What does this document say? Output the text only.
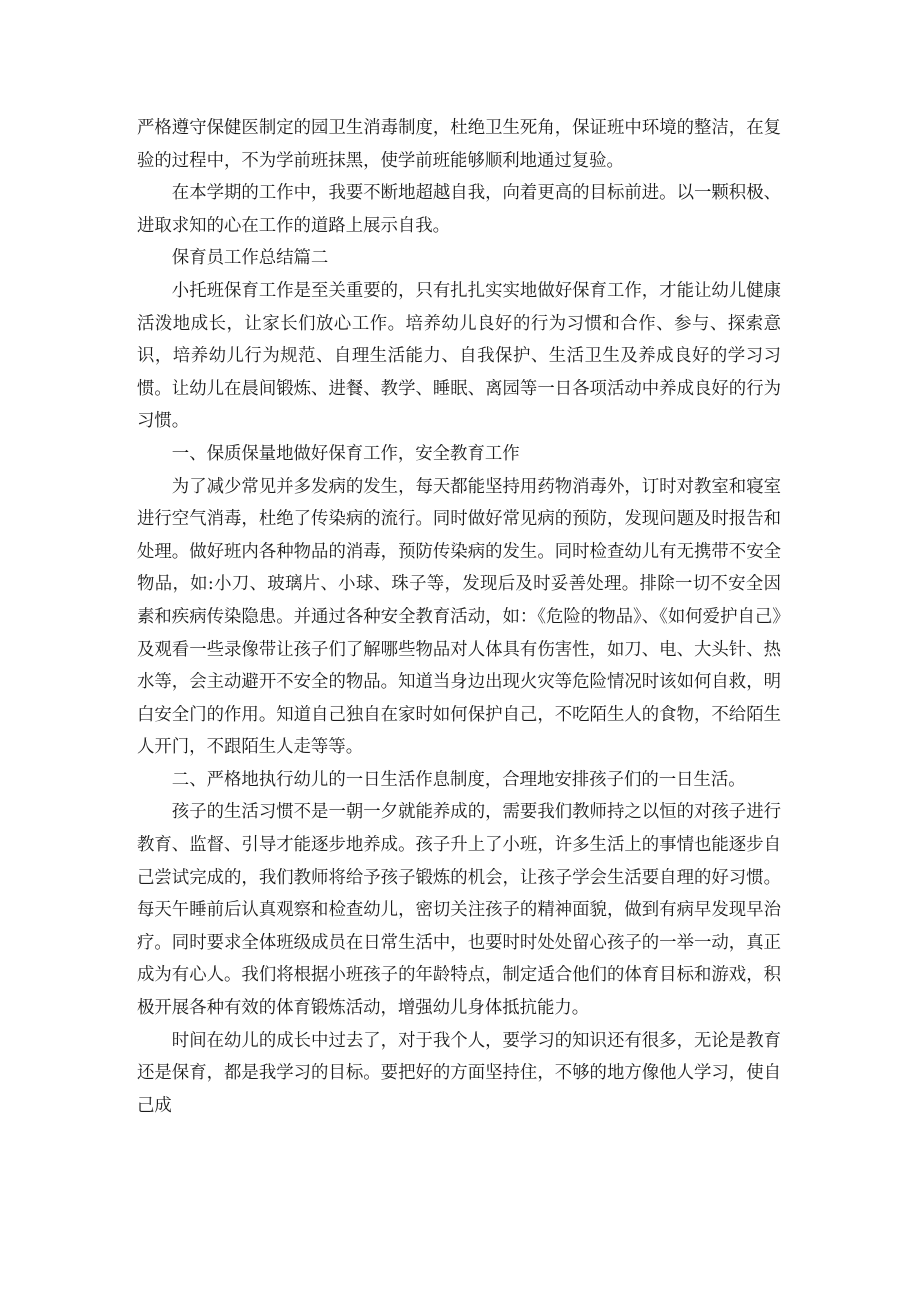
严格遵守保健医制定的园卫生消毒制度，杜绝卫生死角，保证班中环境的整洁，在复验的过程中，不为学前班抹黑，使学前班能够顺利地通过复验。

在本学期的工作中，我要不断地超越自我，向着更高的目标前进。以一颗积极、进取求知的心在工作的道路上展示自我。

保育员工作总结篇二

小托班保育工作是至关重要的，只有扎扎实实地做好保育工作，才能让幼儿健康活泼地成长，让家长们放心工作。培养幼儿良好的行为习惯和合作、参与、探索意识，培养幼儿行为规范、自理生活能力、自我保护、生活卫生及养成良好的学习习惯。让幼儿在晨间锻炼、进餐、教学、睡眠、离园等一日各项活动中养成良好的行为习惯。

一、保质保量地做好保育工作，安全教育工作

为了减少常见并多发病的发生，每天都能坚持用药物消毒外，订时对教室和寝室进行空气消毒，杜绝了传染病的流行。同时做好常见病的预防，发现问题及时报告和处理。做好班内各种物品的消毒，预防传染病的发生。同时检查幼儿有无携带不安全物品，如:小刀、玻璃片、小球、珠子等，发现后及时妥善处理。排除一切不安全因素和疾病传染隐患。并通过各种安全教育活动，如：《危险的物品》、《如何爱护自己》及观看一些录像带让孩子们了解哪些物品对人体具有伤害性，如刀、电、大头针、热水等，会主动避开不安全的物品。知道当身边出现火灾等危险情况时该如何自救，明白安全门的作用。知道自己独自在家时如何保护自己，不吃陌生人的食物，不给陌生人开门，不跟陌生人走等等。

二、严格地执行幼儿的一日生活作息制度，合理地安排孩子们的一日生活。

孩子的生活习惯不是一朝一夕就能养成的，需要我们教师持之以恒的对孩子进行教育、监督、引导才能逐步地养成。孩子升上了小班，许多生活上的事情也能逐步自己尝试完成的，我们教师将给予孩子锻炼的机会，让孩子学会生活要自理的好习惯。每天午睡前后认真观察和检查幼儿，密切关注孩子的精神面貌，做到有病早发现早治疗。同时要求全体班级成员在日常生活中，也要时时处处留心孩子的一举一动，真正成为有心人。我们将根据小班孩子的年龄特点，制定适合他们的体育目标和游戏，积极开展各种有效的体育锻炼活动，增强幼儿身体抵抗能力。

时间在幼儿的成长中过去了，对于我个人，要学习的知识还有很多，无论是教育还是保育，都是我学习的目标。要把好的方面坚持住，不够的地方像他人学习，使自己成
